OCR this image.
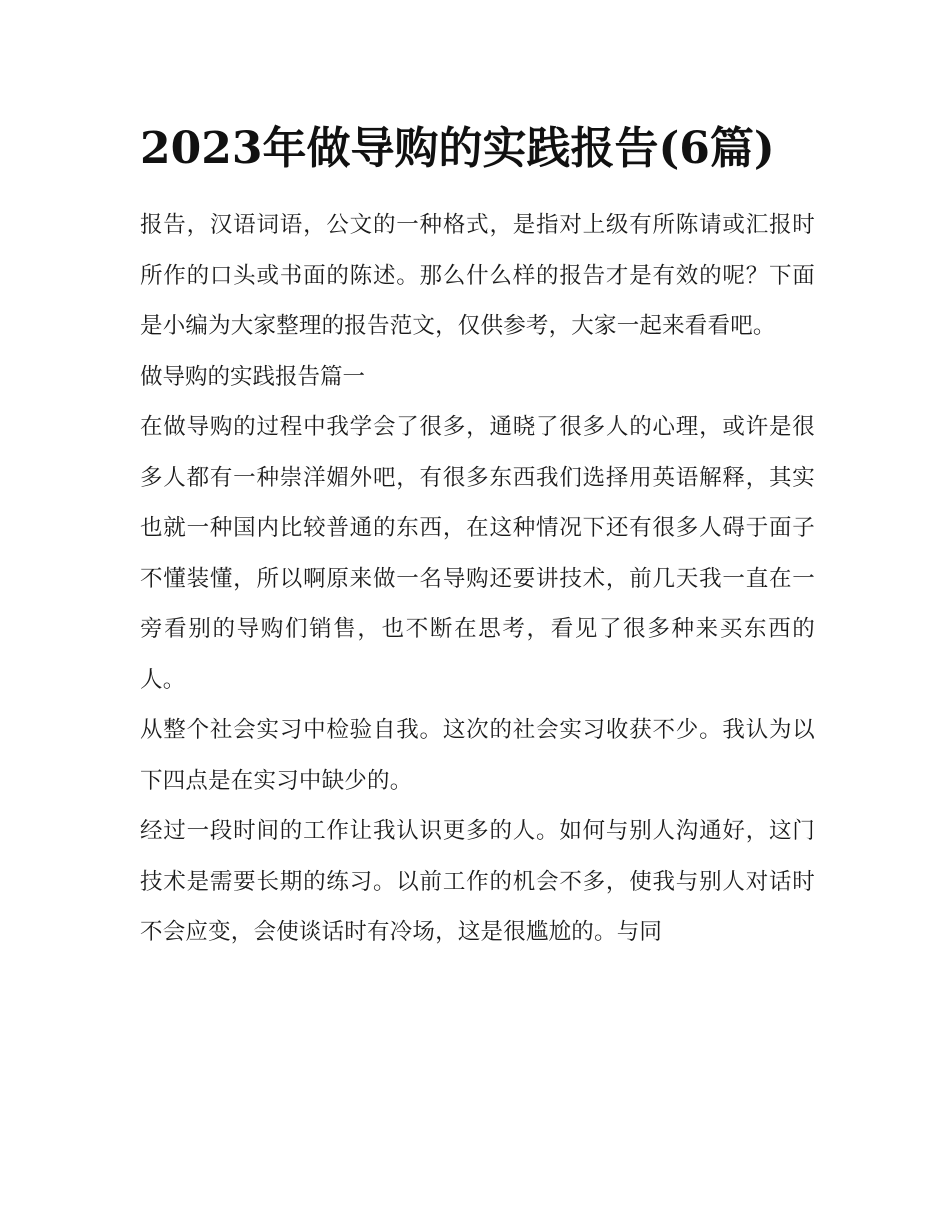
2023年做导购的实践报告(6篇)

报告，汉语词语，公文的一种格式，是指对上级有所陈请或汇报时所作的口头或书面的陈述。那么什么样的报告才是有效的呢？下面是小编为大家整理的报告范文，仅供参考，大家一起来看看吧。

做导购的实践报告篇一

在做导购的过程中我学会了很多，通晓了很多人的心理，或许是很多人都有一种崇洋媚外吧，有很多东西我们选择用英语解释，其实也就一种国内比较普通的东西，在这种情况下还有很多人碍于面子不懂装懂，所以啊原来做一名导购还要讲技术，前几天我一直在一旁看别的导购们销售，也不断在思考，看见了很多种来买东西的人。

从整个社会实习中检验自我。这次的社会实习收获不少。我认为以下四点是在实习中缺少的。

经过一段时间的工作让我认识更多的人。如何与别人沟通好，这门技术是需要长期的练习。以前工作的机会不多，使我与别人对话时不会应变，会使谈话时有冷场，这是很尴尬的。与同
